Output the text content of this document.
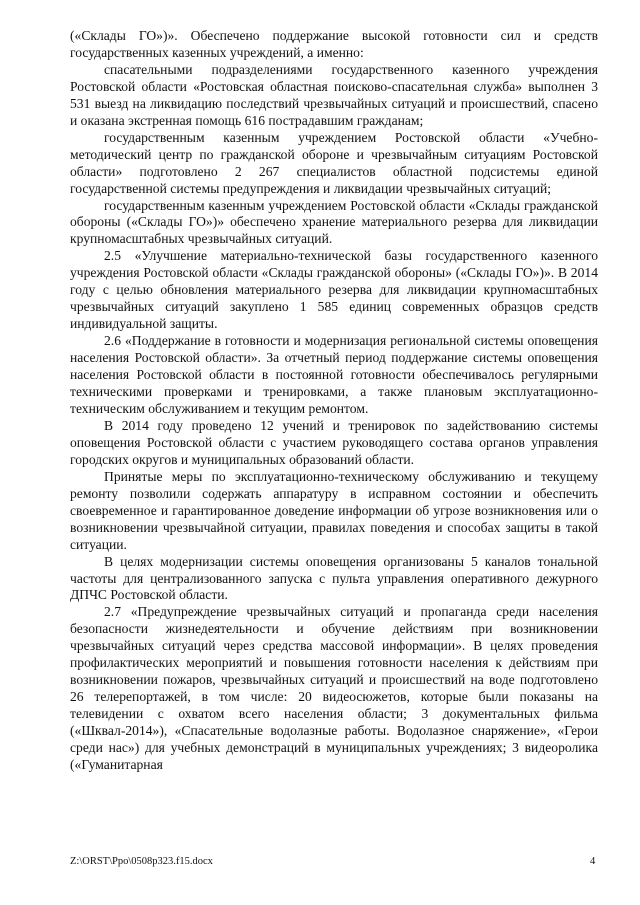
(«Склады ГО»)». Обеспечено поддержание высокой готовности сил и средств государственных казенных учреждений, а именно:

спасательными подразделениями государственного казенного учреждения Ростовской области «Ростовская областная поисково-спасательная служба» выполнен 3 531 выезд на ликвидацию последствий чрезвычайных ситуаций и происшествий, спасено и оказана экстренная помощь 616 пострадавшим гражданам;

государственным казенным учреждением Ростовской области «Учебно-методический центр по гражданской обороне и чрезвычайным ситуациям Ростовской области» подготовлено 2 267 специалистов областной подсистемы единой государственной системы предупреждения и ликвидации чрезвычайных ситуаций;

государственным казенным учреждением Ростовской области «Склады гражданской обороны («Склады ГО»)» обеспечено хранение материального резерва для ликвидации крупномасштабных чрезвычайных ситуаций.

2.5 «Улучшение материально-технической базы государственного казенного учреждения Ростовской области «Склады гражданской обороны» («Склады ГО»)». В 2014 году с целью обновления материального резерва для ликвидации крупномасштабных чрезвычайных ситуаций закуплено 1 585 единиц современных образцов средств индивидуальной защиты.

2.6 «Поддержание в готовности и модернизация региональной системы оповещения населения Ростовской области». За отчетный период поддержание системы оповещения населения Ростовской области в постоянной готовности обеспечивалось регулярными техническими проверками и тренировками, а также плановым эксплуатационно-техническим обслуживанием и текущим ремонтом.

В 2014 году проведено 12 учений и тренировок по задействованию системы оповещения Ростовской области с участием руководящего состава органов управления городских округов и муниципальных образований области.

Принятые меры по эксплуатационно-техническому обслуживанию и текущему ремонту позволили содержать аппаратуру в исправном состоянии и обеспечить своевременное и гарантированное доведение информации об угрозе возникновения или о возникновении чрезвычайной ситуации, правилах поведения и способах защиты в такой ситуации.

В целях модернизации системы оповещения организованы 5 каналов тональной частоты для централизованного запуска с пульта управления оперативного дежурного ДПЧС Ростовской области.

2.7 «Предупреждение чрезвычайных ситуаций и пропаганда среди населения безопасности жизнедеятельности и обучение действиям при возникновении чрезвычайных ситуаций через средства массовой информации». В целях проведения профилактических мероприятий и повышения готовности населения к действиям при возникновении пожаров, чрезвычайных ситуаций и происшествий на воде подготовлено 26 телерепортажей, в том числе: 20 видеосюжетов, которые были показаны на телевидении с охватом всего населения области; 3 документальных фильма («Шквал-2014»), «Спасательные водолазные работы. Водолазное снаряжение», «Герои среди нас») для учебных демонстраций в муниципальных учреждениях; 3 видеоролика («Гуманитарная

Z:\ORST\Ppo\0508p323.f15.docx	4
